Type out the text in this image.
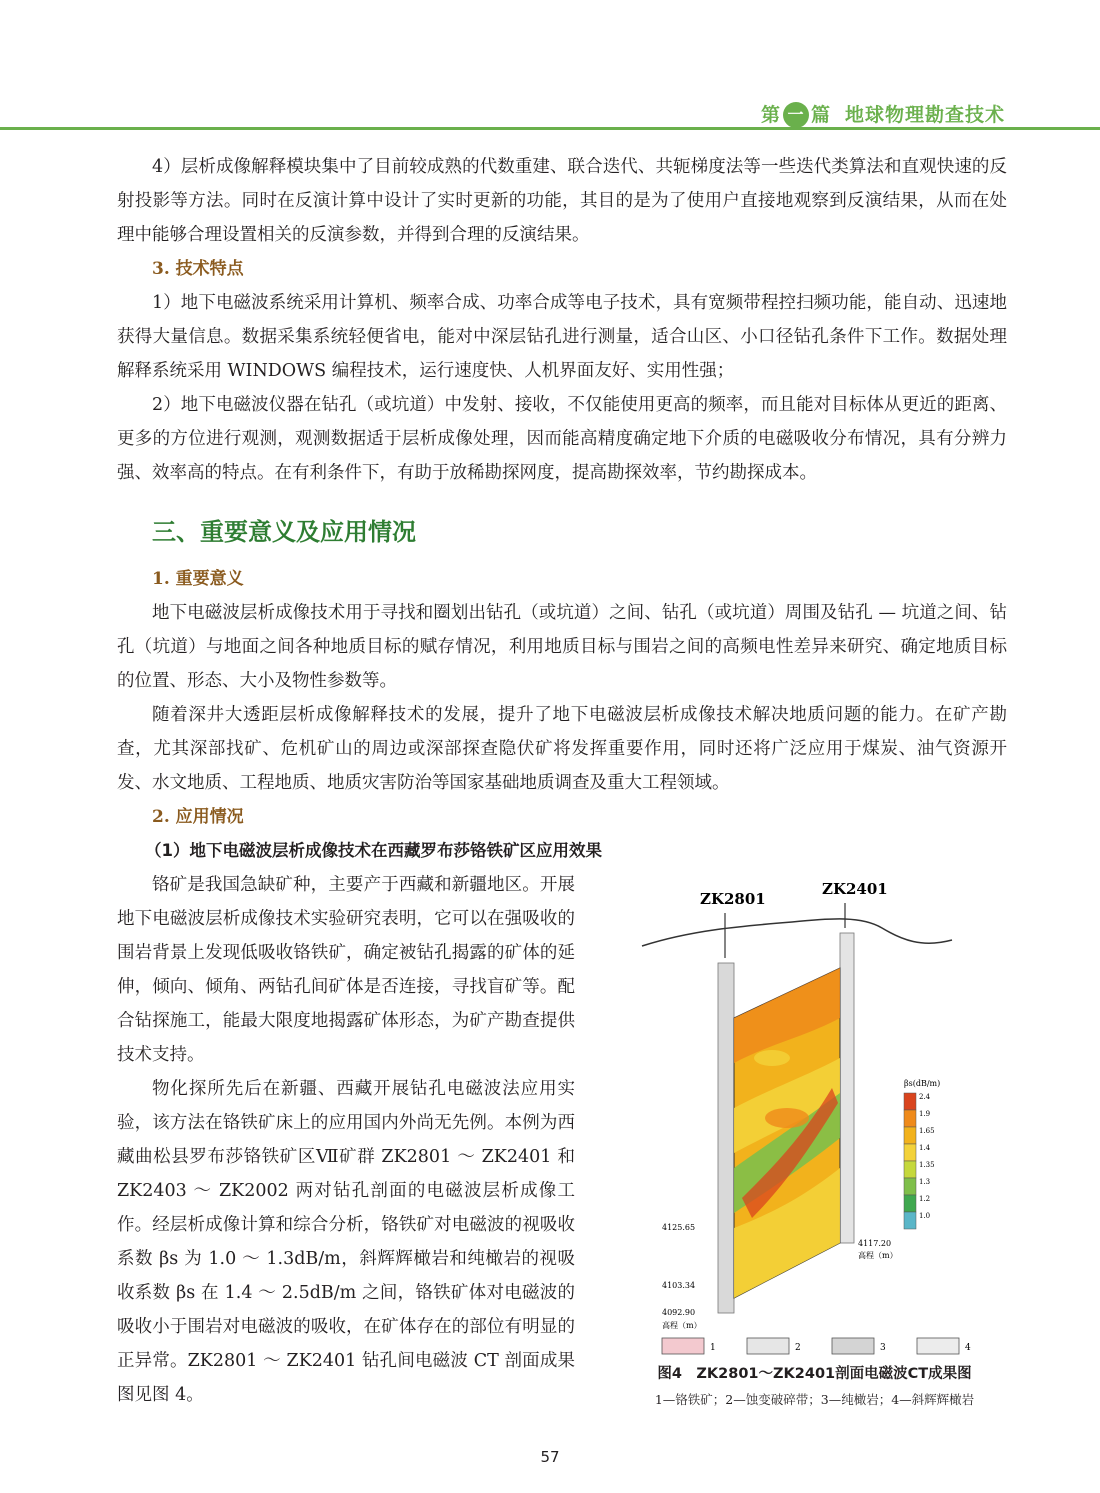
第 一 篇 地球物理勘查技术

4）层析成像解释模块集中了目前较成熟的代数重建、联合迭代、共轭梯度法等一些迭代类算法和直观快速的反射投影等方法。同时在反演计算中设计了实时更新的功能，其目的是为了使用户直接地观察到反演结果，从而在处理中能够合理设置相关的反演参数，并得到合理的反演结果。

3. 技术特点

1）地下电磁波系统采用计算机、频率合成、功率合成等电子技术，具有宽频带程控扫频功能，能自动、迅速地获得大量信息。数据采集系统轻便省电，能对中深层钻孔进行测量，适合山区、小口径钻孔条件下工作。数据处理解释系统采用 WINDOWS 编程技术，运行速度快、人机界面友好、实用性强；

2）地下电磁波仪器在钻孔（或坑道）中发射、接收，不仅能使用更高的频率，而且能对目标体从更近的距离、更多的方位进行观测，观测数据适于层析成像处理，因而能高精度确定地下介质的电磁吸收分布情况，具有分辨力强、效率高的特点。在有利条件下，有助于放稀勘探网度，提高勘探效率，节约勘探成本。

三、重要意义及应用情况
1. 重要意义

地下电磁波层析成像技术用于寻找和圈划出钻孔（或坑道）之间、钻孔（或坑道）周围及钻孔 — 坑道之间、钻孔（坑道）与地面之间各种地质目标的赋存情况，利用地质目标与围岩之间的高频电性差异来研究、确定地质目标的位置、形态、大小及物性参数等。

随着深井大透距层析成像解释技术的发展，提升了地下电磁波层析成像技术解决地质问题的能力。在矿产勘查，尤其深部找矿、危机矿山的周边或深部探查隐伏矿将发挥重要作用，同时还将广泛应用于煤炭、油气资源开发、水文地质、工程地质、地质灾害防治等国家基础地质调查及重大工程领域。

2. 应用情况
（1）地下电磁波层析成像技术在西藏罗布莎铬铁矿区应用效果

铬矿是我国急缺矿种，主要产于西藏和新疆地区。开展地下电磁波层析成像技术实验研究表明，它可以在强吸收的围岩背景上发现低吸收铬铁矿，确定被钻孔揭露的矿体的延伸，倾向、倾角、两钻孔间矿体是否连接，寻找盲矿等。配合钻探施工，能最大限度地揭露矿体形态，为矿产勘查提供技术支持。

物化探所先后在新疆、西藏开展钻孔电磁波法应用实验，该方法在铬铁矿床上的应用国内外尚无先例。本例为西藏曲松县罗布莎铬铁矿区Ⅶ矿群 ZK2801 ～ ZK2401 和 ZK2403 ～ ZK2002 两对钻孔剖面的电磁波层析成像工作。经层析成像计算和综合分析，铬铁矿对电磁波的视吸收系数 βs 为 1.0 ～ 1.3dB/m，斜辉辉橄岩和纯橄岩的视吸收系数 βs 在 1.4 ～ 2.5dB/m 之间，铬铁矿体对电磁波的吸收小于围岩对电磁波的吸收，在矿体存在的部位有明显的正异常。ZK2801 ～ ZK2401 钻孔间电磁波 CT 剖面成果图见图 4。

ZK2801
ZK2401
4125.65
4103.34
4092.90
高程（m）
4117.20
高程（m）
βs(dB/m)
2.4
1.9
1.65
1.4
1.35
1.3
1.2
1.0
1	2	3	4
图4　ZK2801～ZK2401剖面电磁波CT成果图
1—铬铁矿；2—蚀变破碎带；3—纯橄岩；4—斜辉辉橄岩
57
